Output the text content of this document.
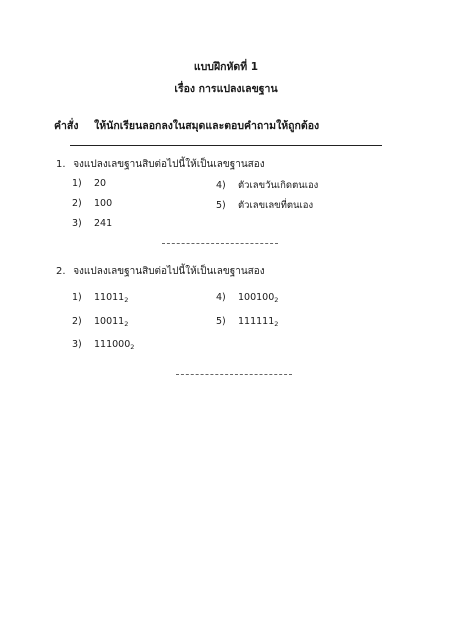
แบบฝึกหัดที่ 1
เรื่อง การแปลงเลขฐาน
คำสั่ง ให้นักเรียนลอกลงในสมุดและตอบคำถามให้ถูกต้อง
1. จงแปลงเลขฐานสิบต่อไปนี้ให้เป็นเลขฐานสอง
1) 20
2) 100
3) 241
4) ตัวเลขวันเกิดตนเอง
5) ตัวเลขเลขที่ตนเอง
2. จงแปลงเลขฐานสิบต่อไปนี้ให้เป็นเลขฐานสอง
1) $11011_2$
2) $10011_2$
3) $111000_2$
4) $100100_2$
5) $111111_2$
